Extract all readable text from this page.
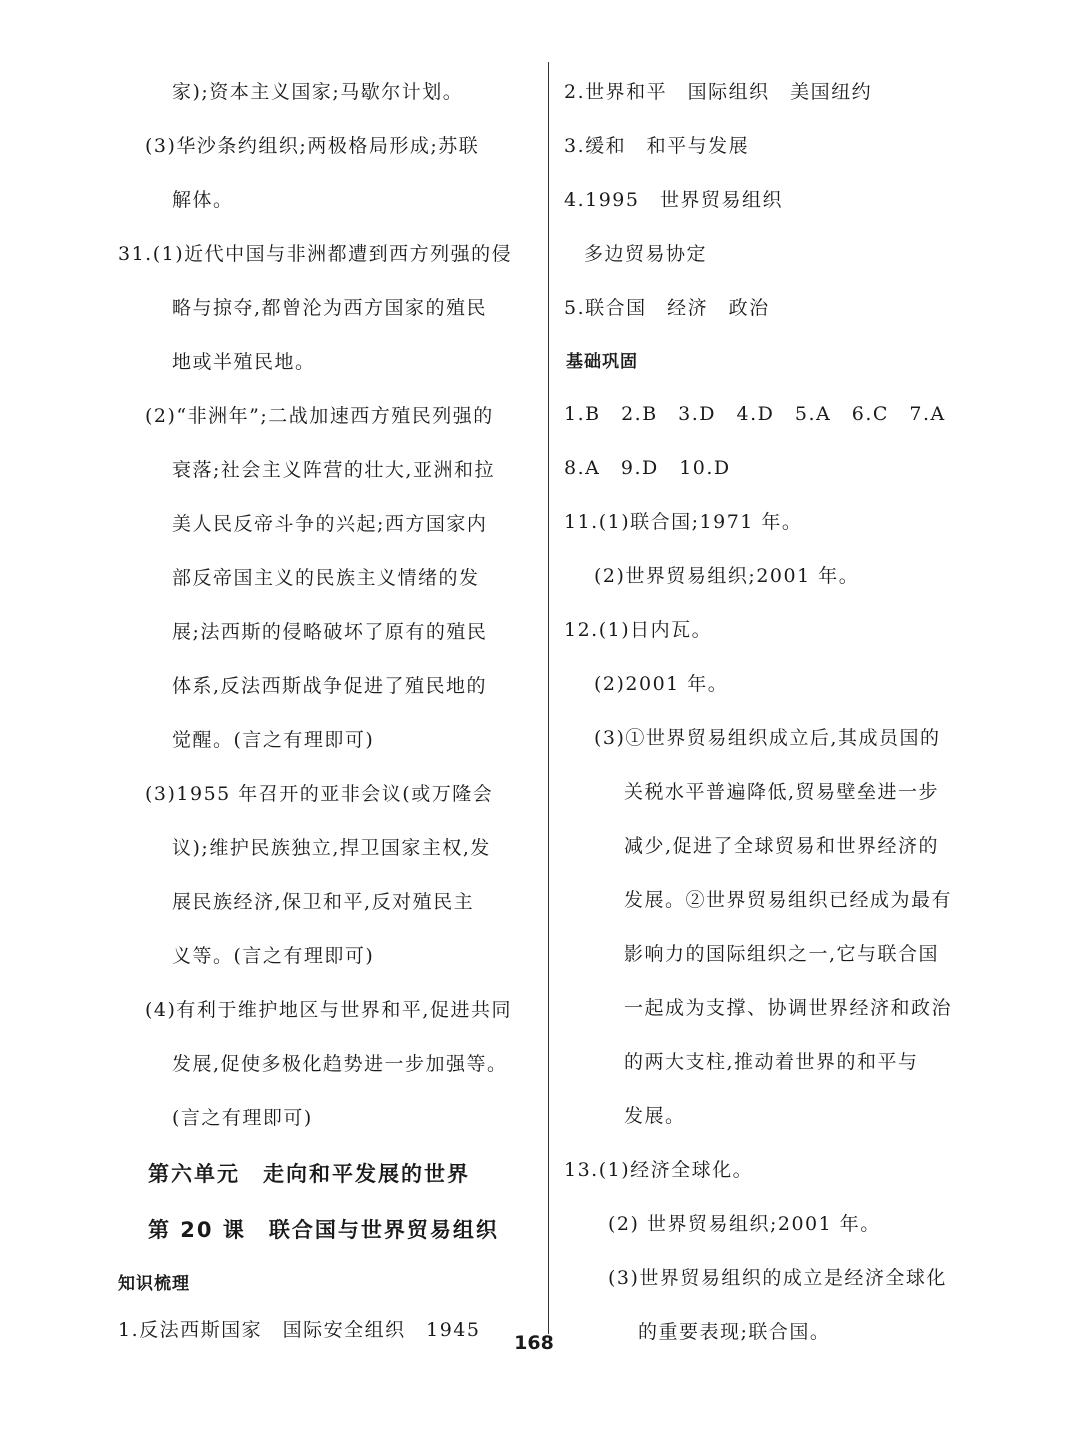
家);资本主义国家;马歇尔计划。
(3)华沙条约组织;两极格局形成;苏联
解体。
31.(1)近代中国与非洲都遭到西方列强的侵
略与掠夺,都曾沦为西方国家的殖民
地或半殖民地。
(2)“非洲年”;二战加速西方殖民列强的
衰落;社会主义阵营的壮大,亚洲和拉
美人民反帝斗争的兴起;西方国家内
部反帝国主义的民族主义情绪的发
展;法西斯的侵略破坏了原有的殖民
体系,反法西斯战争促进了殖民地的
觉醒。(言之有理即可)
(3)1955 年召开的亚非会议(或万隆会
议);维护民族独立,捍卫国家主权,发
展民族经济,保卫和平,反对殖民主
义等。(言之有理即可)
(4)有利于维护地区与世界和平,促进共同
发展,促使多极化趋势进一步加强等。
(言之有理即可)
第六单元　走向和平发展的世界
第 20 课　联合国与世界贸易组织
知识梳理
1.反法西斯国家　国际安全组织　1945
2.世界和平　国际组织　美国纽约
3.缓和　和平与发展
4.1995　世界贸易组织
多边贸易协定
5.联合国　经济　政治
基础巩固
1.B　2.B　3.D　4.D　5.A　6.C　7.A
8.A　9.D　10.D
11.(1)联合国;1971 年。
(2)世界贸易组织;2001 年。
12.(1)日内瓦。
(2)2001 年。
(3)①世界贸易组织成立后,其成员国的
关税水平普遍降低,贸易壁垒进一步
减少,促进了全球贸易和世界经济的
发展。②世界贸易组织已经成为最有
影响力的国际组织之一,它与联合国
一起成为支撑、协调世界经济和政治
的两大支柱,推动着世界的和平与
发展。
13.(1)经济全球化。
(2) 世界贸易组织;2001 年。
(3)世界贸易组织的成立是经济全球化
的重要表现;联合国。
168
